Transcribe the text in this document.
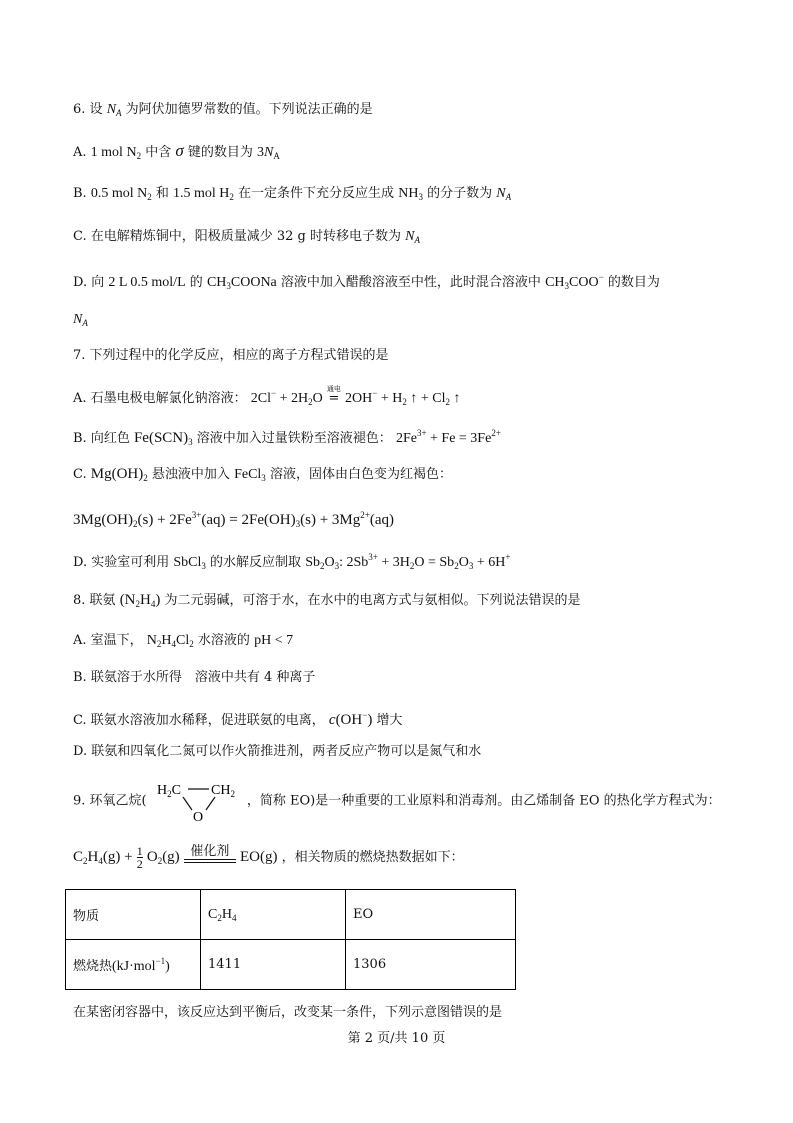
6. 设 $N_A$ 为阿伏加德罗常数的值。下列说法正确的是
A. 1 mol $N_2$ 中含 σ 键的数目为 $3N_A$
B. 0.5 mol $N_2$ 和 1.5 mol $H_2$ 在一定条件下充分反应生成 $NH_3$ 的分子数为 $N_A$
C. 在电解精炼铜中，阳极质量减少 32 g 时转移电子数为 $N_A$
D. 向 2 L 0.5 mol/L 的 $CH_3COONa$ 溶液中加入醋酸溶液至中性，此时混合溶液中 $CH_3COO^-$ 的数目为
$N_A$
7. 下列过程中的化学反应，相应的离子方程式错误的是
A. 石墨电极电解氯化钠溶液： $2Cl^- + 2H_2O$
通电
= $2OH^- + H_2$ ↑ + $Cl_2$ ↑
B. 向红色 $Fe(SCN)_3$ 溶液中加入过量铁粉至溶液褪色： $2Fe^{3+} + Fe = 3Fe^{2+}$
C. $Mg(OH)_2$ 悬浊液中加入 FeCl$_3$ 溶液，固体由白色变为红褐色：
$3Mg(OH)_2(s) + 2Fe^{3+}(aq) = 2Fe(OH)_3(s) + 3Mg^{2+}(aq)$
D. 实验室可利用 SbCl$_3$ 的水解反应制取 $Sb_2O_3$: $2Sb^{3+} + 3H_2O = Sb_2O_3 + 6H^+$
8. 联氨 $(N_2H_4)$ 为二元弱碱，可溶于水，在水中的电离方式与氨相似。下列说法错误的是
A. 室温下， $N_2H_4Cl_2$ 水溶液的 pH < 7
B. 联氨溶于水所得　溶液中共有 4 种离子
C. 联氨水溶液加水稀释，促进联氨的电离， c(OH−) 增大
D. 联氨和四氧化二氮可以作火箭推进剂，两者反应产物可以是氮气和水
9. 环氧乙烷(
$H_2C$ $CH_2$
O
，简称 EO)是一种重要的工业原料和消毒剂。由乙烯制备 EO 的热化学方程式为：
$C_2H_4(g) + \frac{1}{2} O_2(g)$ 催化剂 EO(g) ，相关物质的燃烧热数据如下：
物质	$C_2H_4$	EO
燃烧热(kJ·mol$^{-1}$)	1411	1306
在某密闭容器中，该反应达到平衡后，改变某一条件，下列示意图错误的是
第 2 页/共 10 页
